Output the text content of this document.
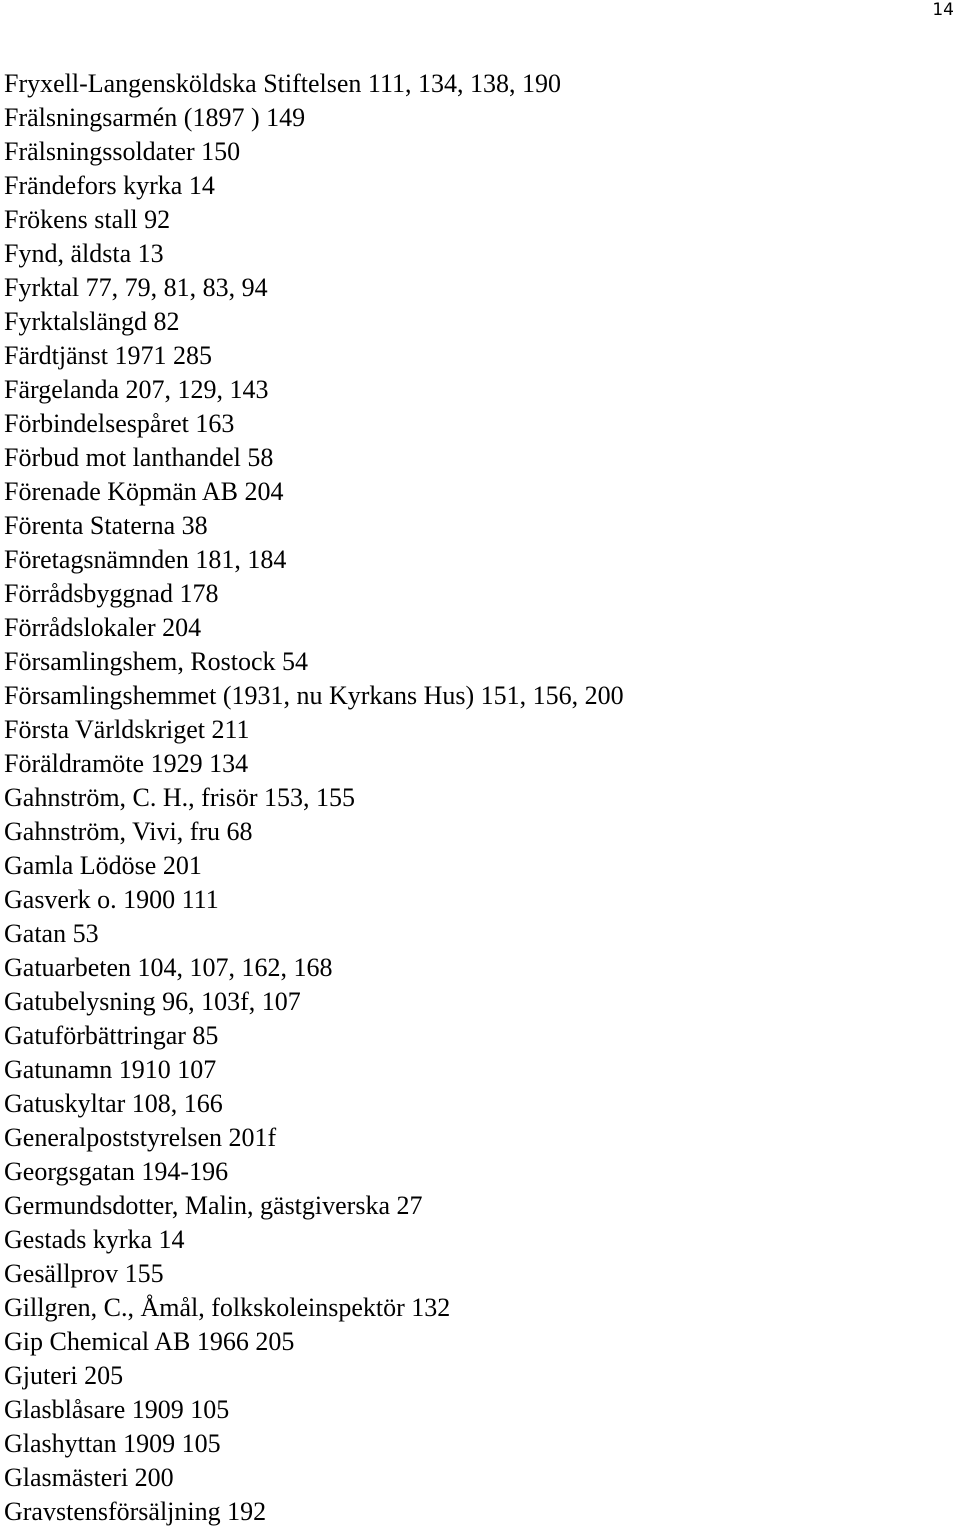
14
Fryxell-Langensköldska Stiftelsen 111, 134, 138, 190
Frälsningsarmén (1897 ) 149
Frälsningssoldater 150
Frändefors kyrka 14
Frökens stall 92
Fynd, äldsta 13
Fyrktal 77, 79, 81, 83, 94
Fyrktalslängd 82
Färdtjänst 1971 285
Färgelanda 207, 129, 143
Förbindelsespåret 163
Förbud mot lanthandel 58
Förenade Köpmän AB 204
Förenta Staterna 38
Företagsnämnden 181, 184
Förrådsbyggnad 178
Förrådslokaler 204
Församlingshem, Rostock 54
Församlingshemmet (1931, nu Kyrkans Hus) 151, 156, 200
Första Världskriget 211
Föräldramöte 1929 134
Gahnström, C. H., frisör 153, 155
Gahnström, Vivi, fru 68
Gamla Lödöse 201
Gasverk o. 1900 111
Gatan 53
Gatuarbeten 104, 107, 162, 168
Gatubelysning 96, 103f, 107
Gatuförbättringar 85
Gatunamn 1910 107
Gatuskyltar 108, 166
Generalpoststyrelsen 201f
Georgsgatan 194-196
Germundsdotter, Malin, gästgiverska 27
Gestads kyrka 14
Gesällprov 155
Gillgren, C., Åmål, folkskoleinspektör 132
Gip Chemical AB 1966 205
Gjuteri 205
Glasblåsare 1909 105
Glashyttan 1909 105
Glasmästeri 200
Gravstensförsäljning 192
